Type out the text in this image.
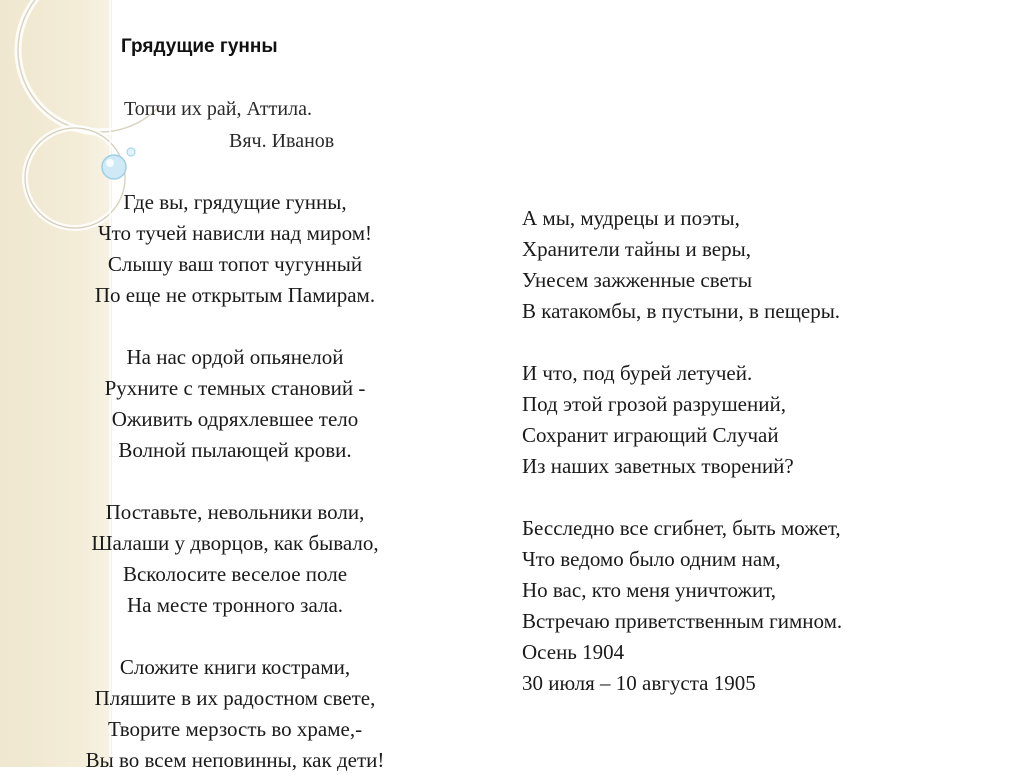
Грядущие гунны
Топчи их рай, Аттила.
Вяч. Иванов
Где вы, грядущие гунны,
Что тучей нависли над миром!
Слышу ваш топот чугунный
По еще не открытым Памирам.
На нас ордой опьянелой
Рухните с темных становий -
Оживить одряхлевшее тело
Волной пылающей крови.
Поставьте, невольники воли,
Шалаши у дворцов, как бывало,
Всколосите веселое поле
На месте тронного зала.
Сложите книги кострами,
Пляшите в их радостном свете,
Творите мерзость во храме,-
Вы во всем неповинны, как дети!
А мы, мудрецы и поэты,
Хранители тайны и веры,
Унесем зажженные светы
В катакомбы, в пустыни, в пещеры.
И что, под бурей летучей.
Под этой грозой разрушений,
Сохранит играющий Случай
Из наших заветных творений?
Бесследно все сгибнет, быть может,
Что ведомо было одним нам,
Но вас, кто меня уничтожит,
Встречаю приветственным гимном.
Осень 1904
30 июля – 10 августа 1905
